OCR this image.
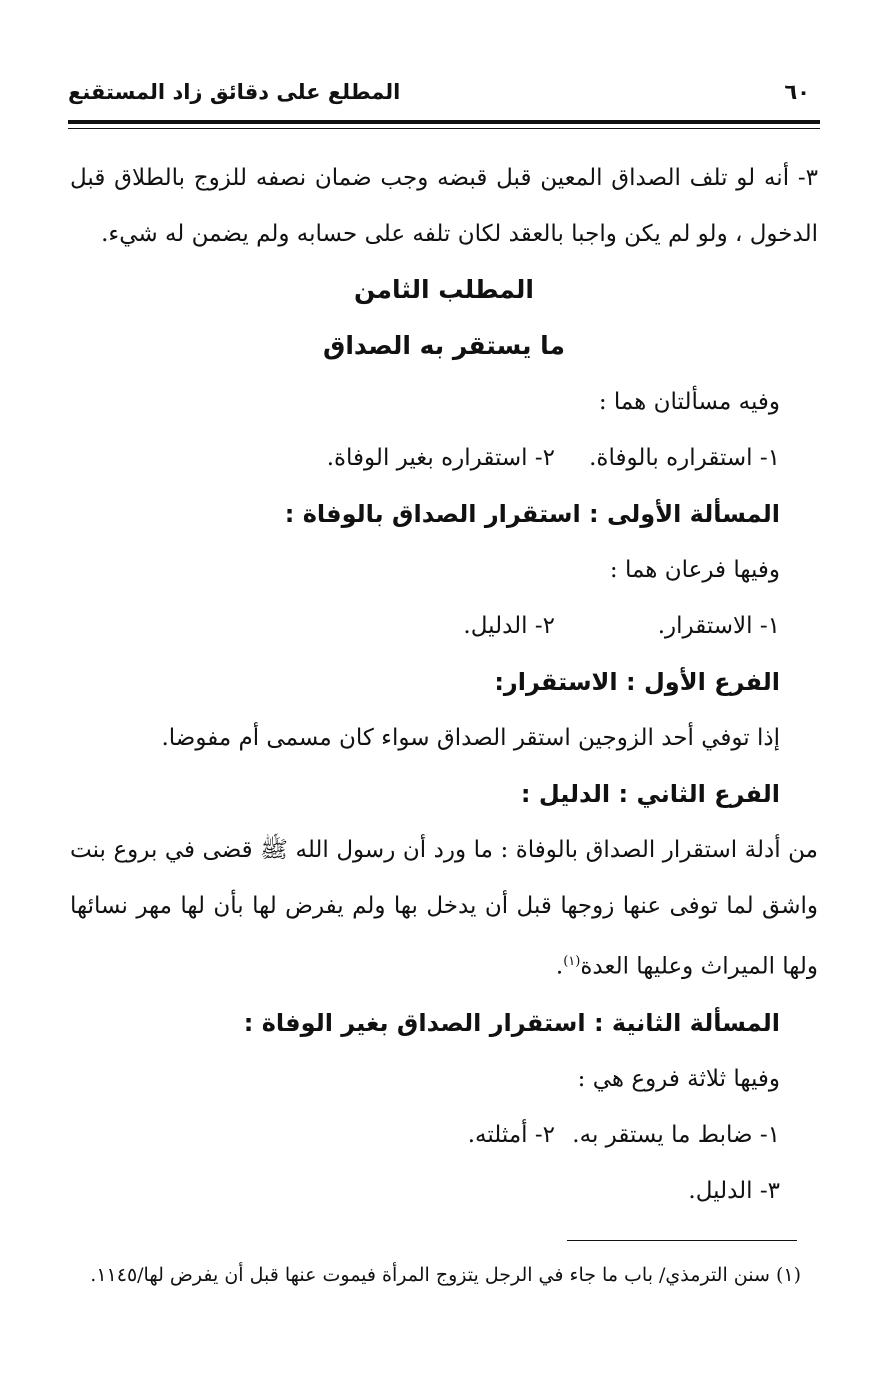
٦٠
المطلع على دقائق زاد المستقنع

٣- أنه لو تلف الصداق المعين قبل قبضه وجب ضمان نصفه للزوج بالطلاق قبل الدخول ، ولو لم يكن واجبا بالعقد لكان تلفه على حسابه ولم يضمن له شيء.

المطلب الثامن

ما يستقر به الصداق

وفيه مسألتان هما :

١- استقراره بالوفاة.
٢- استقراره بغير الوفاة.

المسألة الأولى : استقرار الصداق بالوفاة :

وفيها فرعان هما :

١- الاستقرار.
٢- الدليل.

الفرع الأول : الاستقرار:

إذا توفي أحد الزوجين استقر الصداق سواء كان مسمى أم مفوضا.

الفرع الثاني : الدليل :

من أدلة استقرار الصداق بالوفاة : ما ورد أن رسول الله ﷺ قضى في بروع بنت واشق لما توفى عنها زوجها قبل أن يدخل بها ولم يفرض لها بأن لها مهر نسائها ولها الميراث وعليها العدة$^{(١)}$.

المسألة الثانية : استقرار الصداق بغير الوفاة :

وفيها ثلاثة فروع هي :

١- ضابط ما يستقر به.
٢- أمثلته.

٣- الدليل.

(١) سنن الترمذي/ باب ما جاء في الرجل يتزوج المرأة فيموت عنها قبل أن يفرض لها/١١٤٥.
